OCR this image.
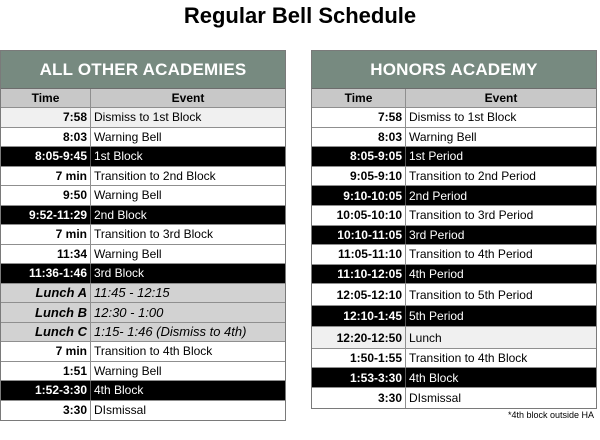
Regular Bell Schedule
ALL OTHER ACADEMIES
Time	Event
7:58 Dismiss to 1st Block
8:03 Warning Bell
8:05-9:45 1st Block
7 min Transition to 2nd Block
9:50 Warning Bell
9:52-11:29 2nd Block
7 min Transition to 3rd Block
11:34 Warning Bell
11:36-1:46 3rd Block
Lunch A 11:45 - 12:15
Lunch B 12:30 - 1:00
Lunch C 1:15- 1:46 (Dismiss to 4th)
7 min Transition to 4th Block
1:51 Warning Bell
1:52-3:30 4th Block
3:30 DIsmissal
HONORS ACADEMY
Time	Event
7:58 Dismiss to 1st Block
8:03 Warning Bell
8:05-9:05 1st Period
9:05-9:10 Transition to 2nd Period
9:10-10:05 2nd Period
10:05-10:10 Transition to 3rd Period
10:10-11:05 3rd Period
11:05-11:10 Transition to 4th Period
11:10-12:05 4th Period
12:05-12:10 Transition to 5th Period
12:10-1:45 5th Period
12:20-12:50 Lunch
1:50-1:55 Transition to 4th Block
1:53-3:30 4th Block
3:30 DIsmissal
*4th block outside HA
